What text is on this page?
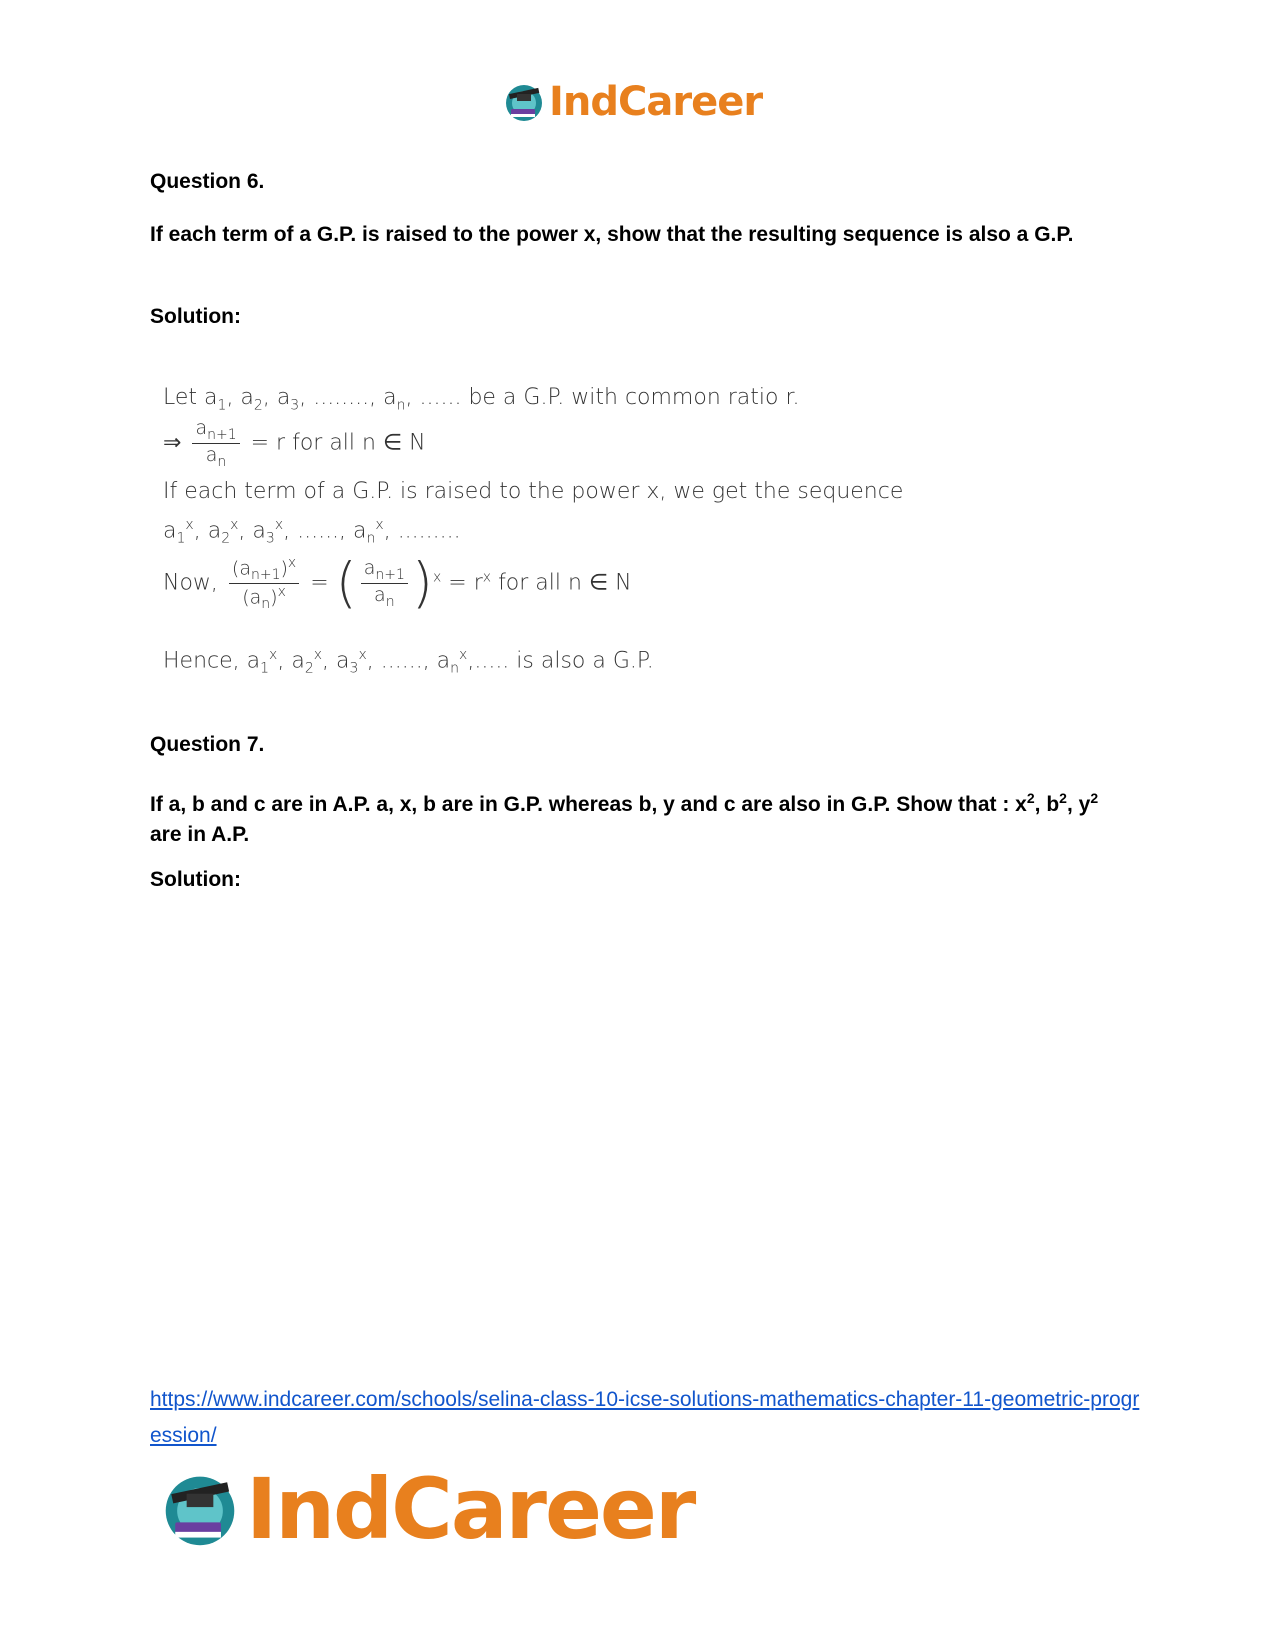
IndCareer

Question 6.

If each term of a G.P. is raised to the power x, show that the resulting sequence is also a G.P.

Solution:

Let $a_1$, $a_2$, $a_3$, ........, $a_n$, ...... be a G.P. with common ratio r.
⇒ $\frac{a_{n+1}}{a_n} = r$ for all n ∈ N
If each term of a G.P. is raised to the power x, we get the sequence
$a_1^x$, $a_2^x$, $a_3^x$, ......, $a_n^x$, .........
Now, $\frac{(a_{n+1})^x}{(a_n)^x}$ = ( $\frac{a_{n+1}}{a_n} )^x = r^x$ for all n ∈ N
Hence, $a_1^x$, $a_2^x$, $a_3^x$, ......, $a_n^x$,..... is also a G.P.

Question 7.

If a, b and c are in A.P. a, x, b are in G.P. whereas b, y and c are also in G.P. Show that : $x^2$, $b^2$, $y^2$ are in A.P.

Solution:

https://www.indcareer.com/schools/selina-class-10-icse-solutions-mathematics-chapter-11-geometric-progression/
IndCareer
